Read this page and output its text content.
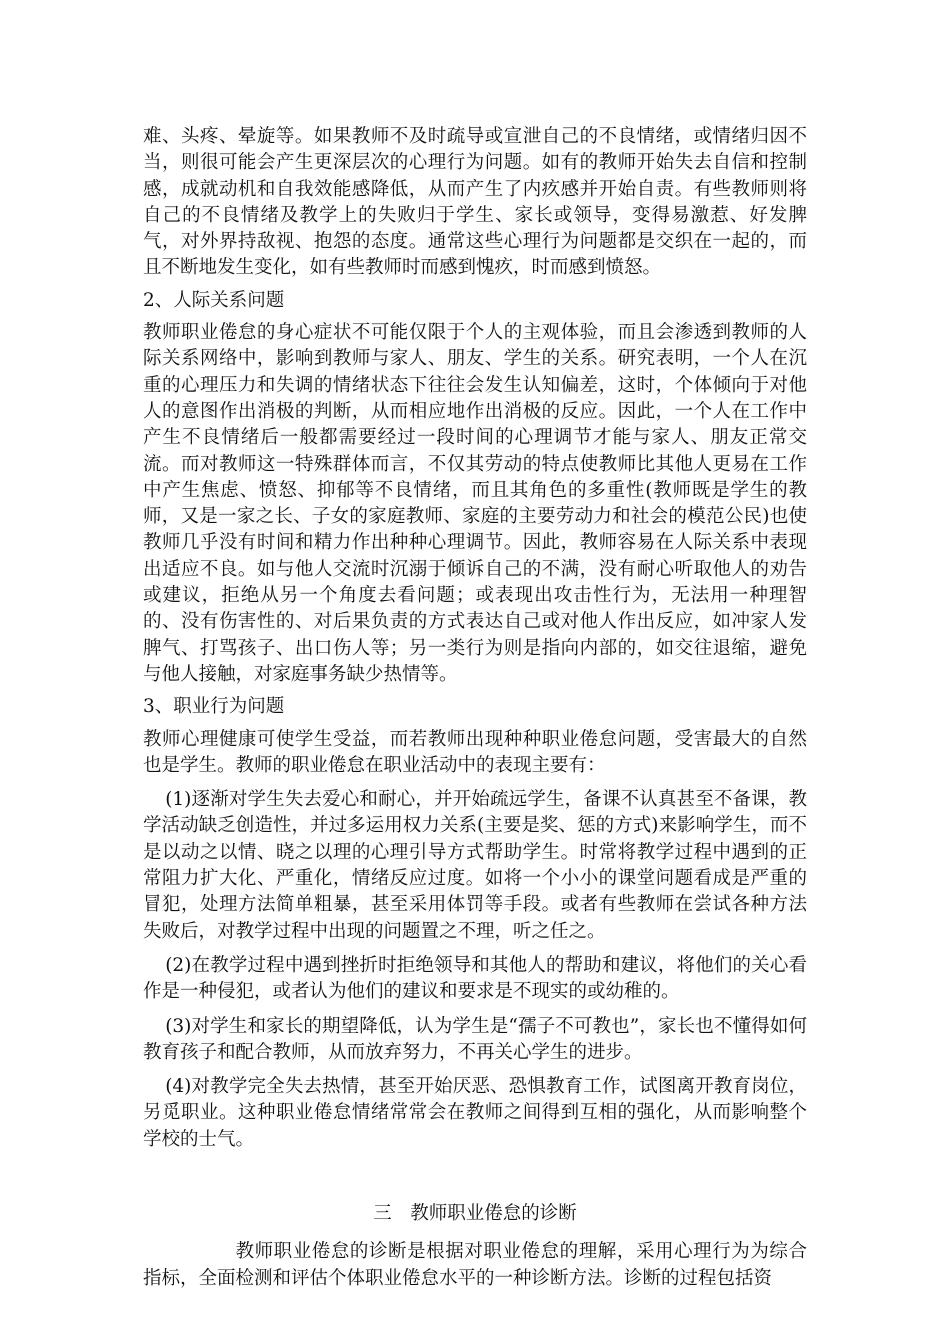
难、头疼、晕旋等。如果教师不及时疏导或宣泄自己的不良情绪，或情绪归因不当，则很可能会产生更深层次的心理行为问题。如有的教师开始失去自信和控制感，成就动机和自我效能感降低，从而产生了内疚感并开始自责。有些教师则将自己的不良情绪及教学上的失败归于学生、家长或领导，变得易激惹、好发脾气，对外界持敌视、抱怨的态度。通常这些心理行为问题都是交织在一起的，而且不断地发生变化，如有些教师时而感到愧疚，时而感到愤怒。

2、人际关系问题

教师职业倦怠的身心症状不可能仅限于个人的主观体验，而且会渗透到教师的人际关系网络中，影响到教师与家人、朋友、学生的关系。研究表明，一个人在沉重的心理压力和失调的情绪状态下往往会发生认知偏差，这时，个体倾向于对他人的意图作出消极的判断，从而相应地作出消极的反应。因此，一个人在工作中产生不良情绪后一般都需要经过一段时间的心理调节才能与家人、朋友正常交流。而对教师这一特殊群体而言，不仅其劳动的特点使教师比其他人更易在工作中产生焦虑、愤怒、抑郁等不良情绪，而且其角色的多重性(教师既是学生的教师，又是一家之长、子女的家庭教师、家庭的主要劳动力和社会的模范公民)也使教师几乎没有时间和精力作出种种心理调节。因此，教师容易在人际关系中表现出适应不良。如与他人交流时沉溺于倾诉自己的不满，没有耐心听取他人的劝告或建议，拒绝从另一个角度去看问题；或表现出攻击性行为，无法用一种理智的、没有伤害性的、对后果负责的方式表达自己或对他人作出反应，如冲家人发脾气、打骂孩子、出口伤人等；另一类行为则是指向内部的，如交往退缩，避免与他人接触，对家庭事务缺少热情等。

3、职业行为问题

教师心理健康可使学生受益，而若教师出现种种职业倦怠问题，受害最大的自然也是学生。教师的职业倦怠在职业活动中的表现主要有：

(1)逐渐对学生失去爱心和耐心，并开始疏远学生，备课不认真甚至不备课，教学活动缺乏创造性，并过多运用权力关系(主要是奖、惩的方式)来影响学生，而不是以动之以情、晓之以理的心理引导方式帮助学生。时常将教学过程中遇到的正常阻力扩大化、严重化，情绪反应过度。如将一个小小的课堂问题看成是严重的冒犯，处理方法简单粗暴，甚至采用体罚等手段。或者有些教师在尝试各种方法失败后，对教学过程中出现的问题置之不理，听之任之。

(2)在教学过程中遇到挫折时拒绝领导和其他人的帮助和建议，将他们的关心看作是一种侵犯，或者认为他们的建议和要求是不现实的或幼稚的。

(3)对学生和家长的期望降低，认为学生是“孺子不可教也”，家长也不懂得如何教育孩子和配合教师，从而放弃努力，不再关心学生的进步。

(4)对教学完全失去热情，甚至开始厌恶、恐惧教育工作，试图离开教育岗位，另觅职业。这种职业倦怠情绪常常会在教师之间得到互相的强化，从而影响整个学校的士气。

三　教师职业倦怠的诊断

教师职业倦怠的诊断是根据对职业倦怠的理解，采用心理行为为综合指标，全面检测和评估个体职业倦怠水平的一种诊断方法。诊断的过程包括资
